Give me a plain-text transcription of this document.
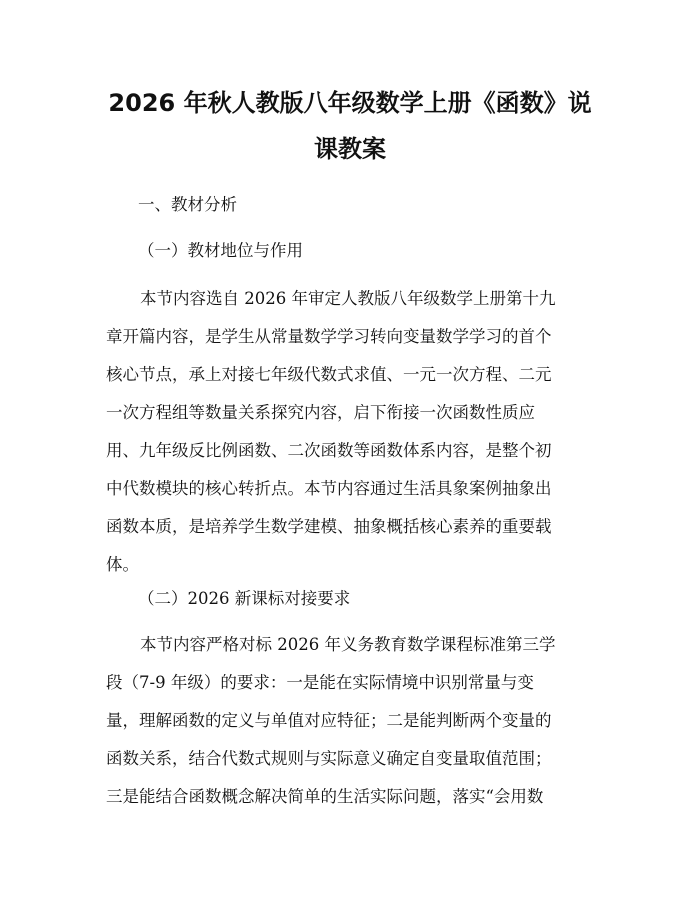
2026 年秋人教版八年级数学上册《函数》说
课教案

一、教材分析

（一）教材地位与作用

本节内容选自 2026 年审定人教版八年级数学上册第十九

章开篇内容，是学生从常量数学学习转向变量数学学习的首个

核心节点，承上对接七年级代数式求值、一元一次方程、二元

一次方程组等数量关系探究内容，启下衔接一次函数性质应

用、九年级反比例函数、二次函数等函数体系内容，是整个初

中代数模块的核心转折点。本节内容通过生活具象案例抽象出

函数本质，是培养学生数学建模、抽象概括核心素养的重要载

体。

（二）2026 新课标对接要求

本节内容严格对标 2026 年义务教育数学课程标准第三学

段（7-9 年级）的要求：一是能在实际情境中识别常量与变

量，理解函数的定义与单值对应特征；二是能判断两个变量的

函数关系，结合代数式规则与实际意义确定自变量取值范围；

三是能结合函数概念解决简单的生活实际问题，落实“会用数
